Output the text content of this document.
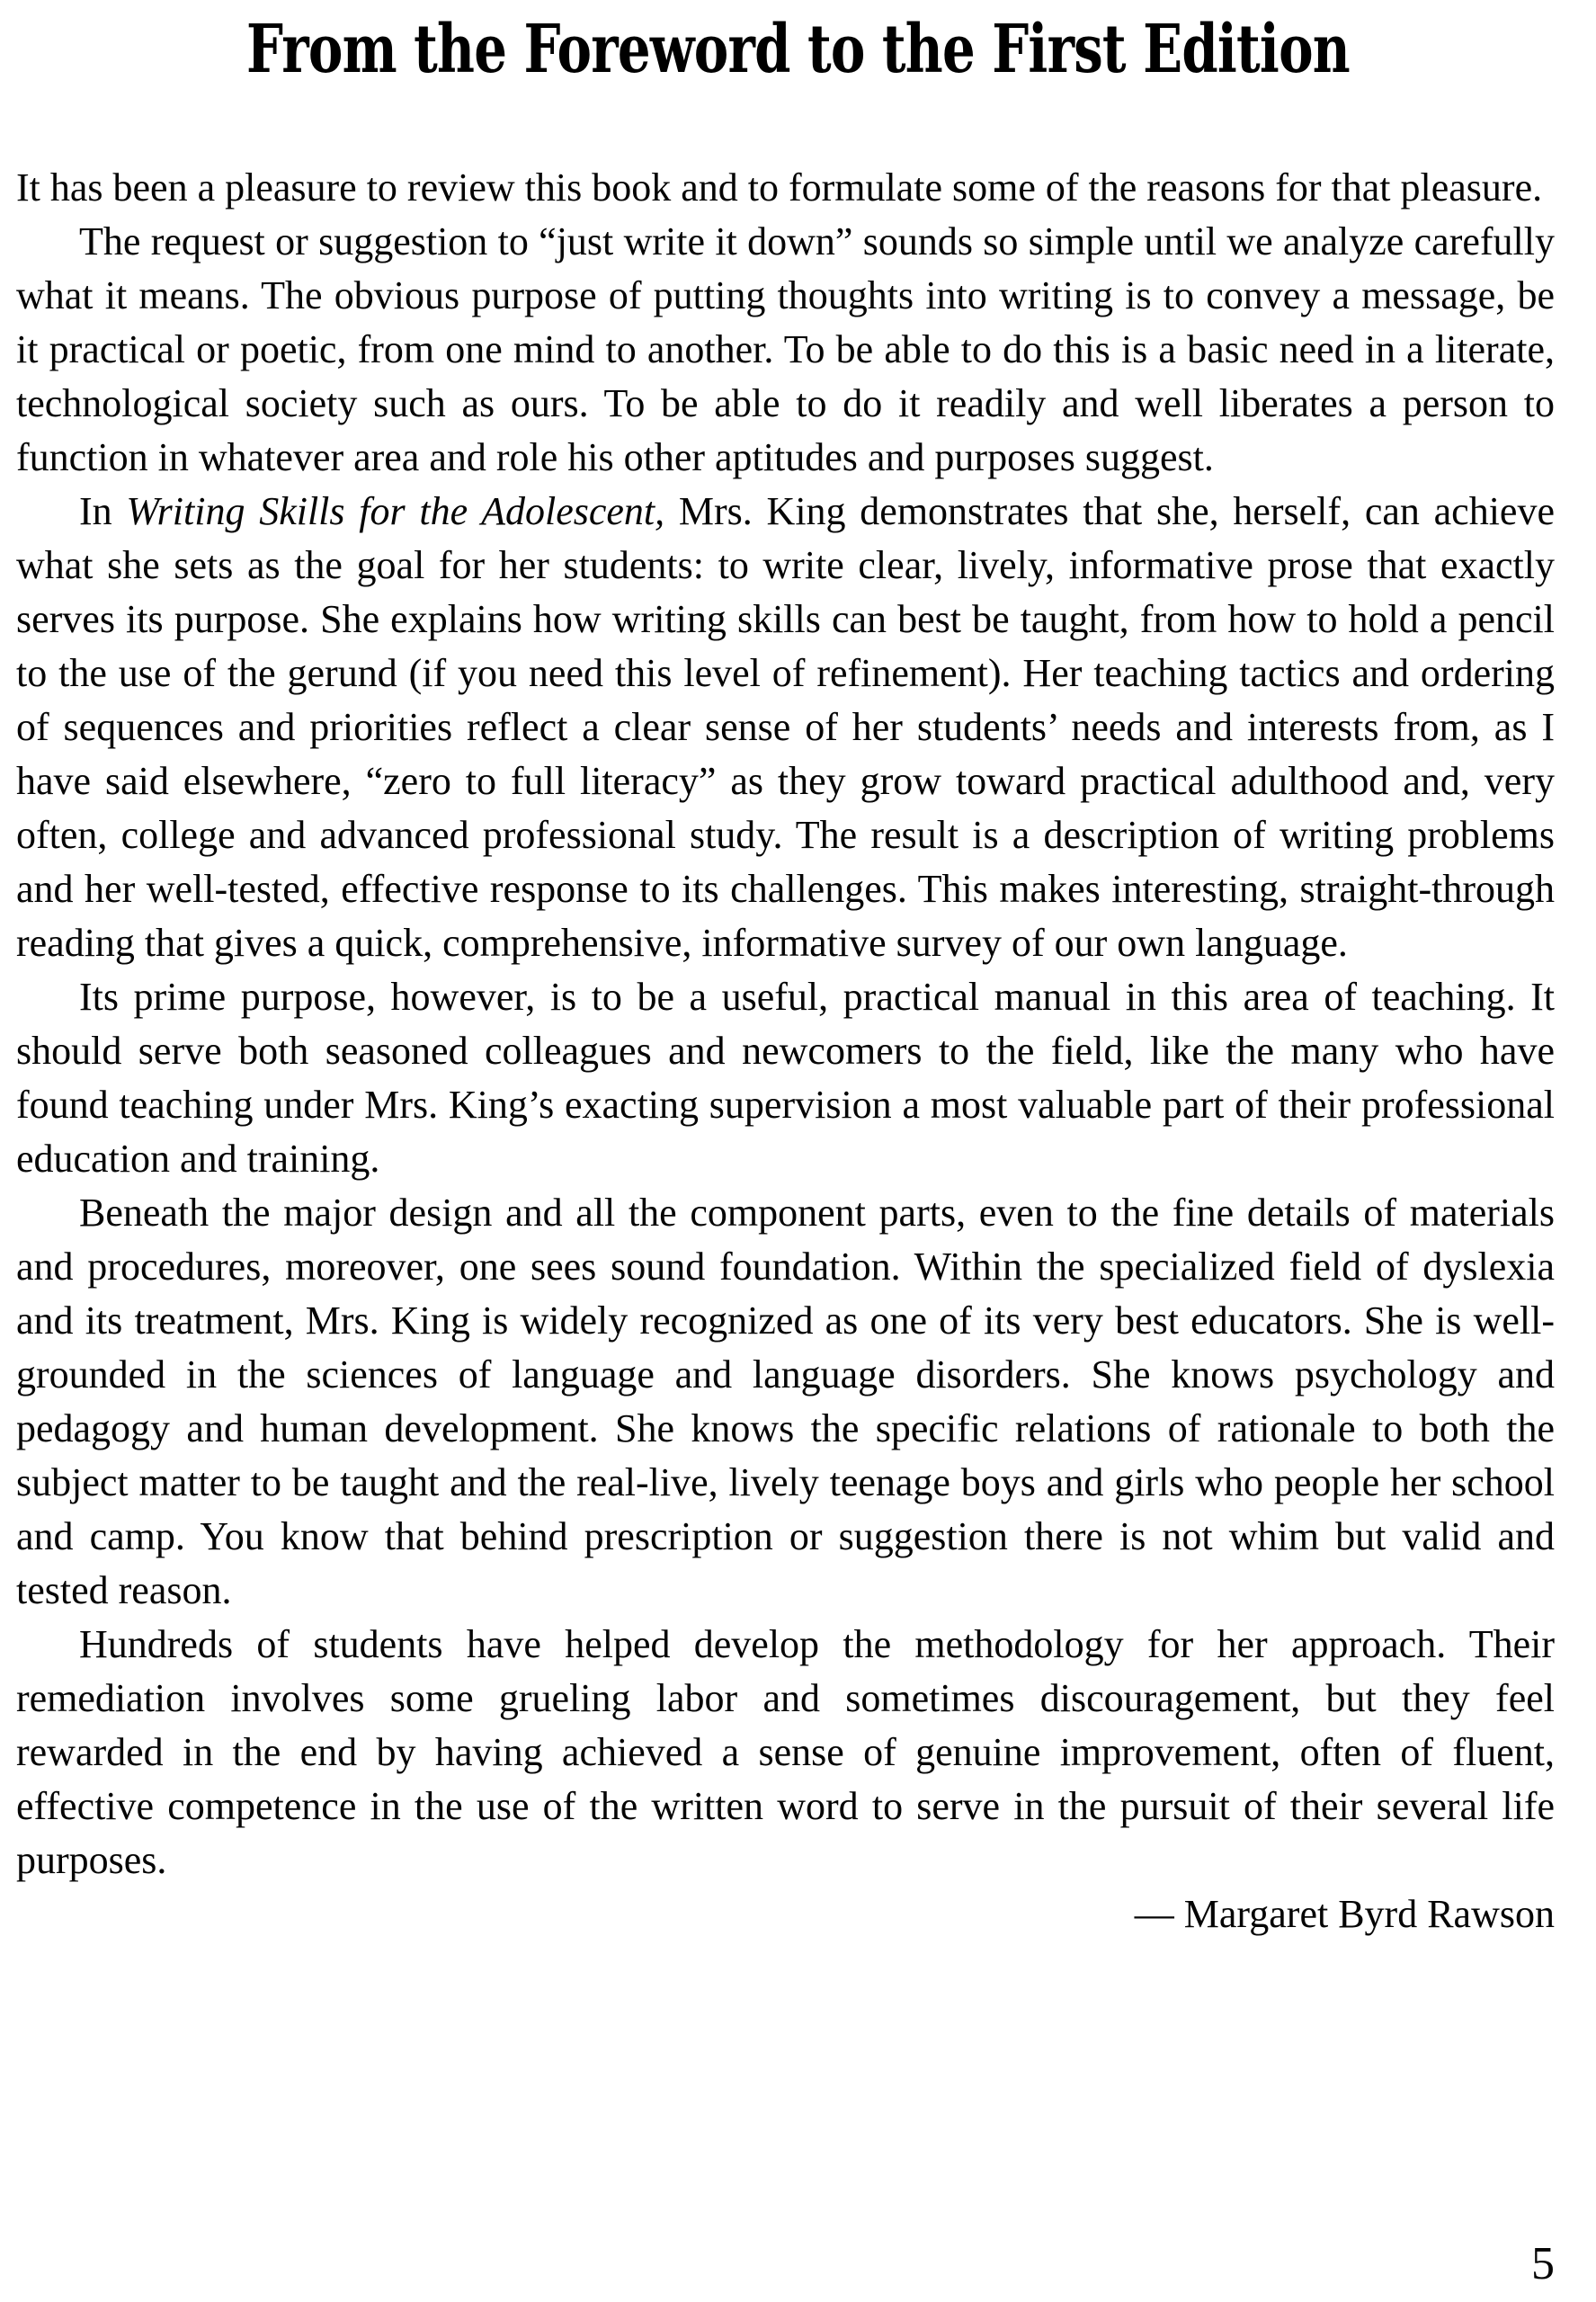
From the Foreword to the First Edition

It has been a pleasure to review this book and to formulate some of the reasons for that pleasure.

The request or suggestion to “just write it down” sounds so simple until we analyze carefully what it means. The obvious purpose of putting thoughts into writing is to convey a message, be it practical or poetic, from one mind to another. To be able to do this is a basic need in a literate, technological society such as ours. To be able to do it readily and well liberates a person to function in whatever area and role his other aptitudes and purposes suggest.

In Writing Skills for the Adolescent, Mrs. King demonstrates that she, herself, can achieve what she sets as the goal for her students: to write clear, lively, informative prose that exactly serves its purpose. She explains how writing skills can best be taught, from how to hold a pencil to the use of the gerund (if you need this level of refinement). Her teaching tactics and ordering of sequences and priorities reflect a clear sense of her students’ needs and interests from, as I have said elsewhere, “zero to full literacy” as they grow toward practical adulthood and, very often, college and advanced professional study. The result is a description of writing problems and her well-tested, effective response to its challenges. This makes interesting, straight-through reading that gives a quick, comprehensive, informative survey of our own language.

Its prime purpose, however, is to be a useful, practical manual in this area of teaching. It should serve both seasoned colleagues and newcomers to the field, like the many who have found teaching under Mrs. King’s exacting supervision a most valuable part of their professional education and training.

Beneath the major design and all the component parts, even to the fine details of materials and procedures, moreover, one sees sound foundation. Within the specialized field of dyslexia and its treatment, Mrs. King is widely recognized as one of its very best educators. She is well-grounded in the sciences of language and language disorders. She knows psychology and pedagogy and human development. She knows the specific relations of rationale to both the subject matter to be taught and the real-live, lively teenage boys and girls who people her school and camp. You know that behind prescription or suggestion there is not whim but valid and tested reason.

Hundreds of students have helped develop the methodology for her approach. Their remediation involves some grueling labor and sometimes discouragement, but they feel rewarded in the end by having achieved a sense of genuine improvement, often of fluent, effective competence in the use of the written word to serve in the pursuit of their several life purposes.

— Margaret Byrd Rawson

5
